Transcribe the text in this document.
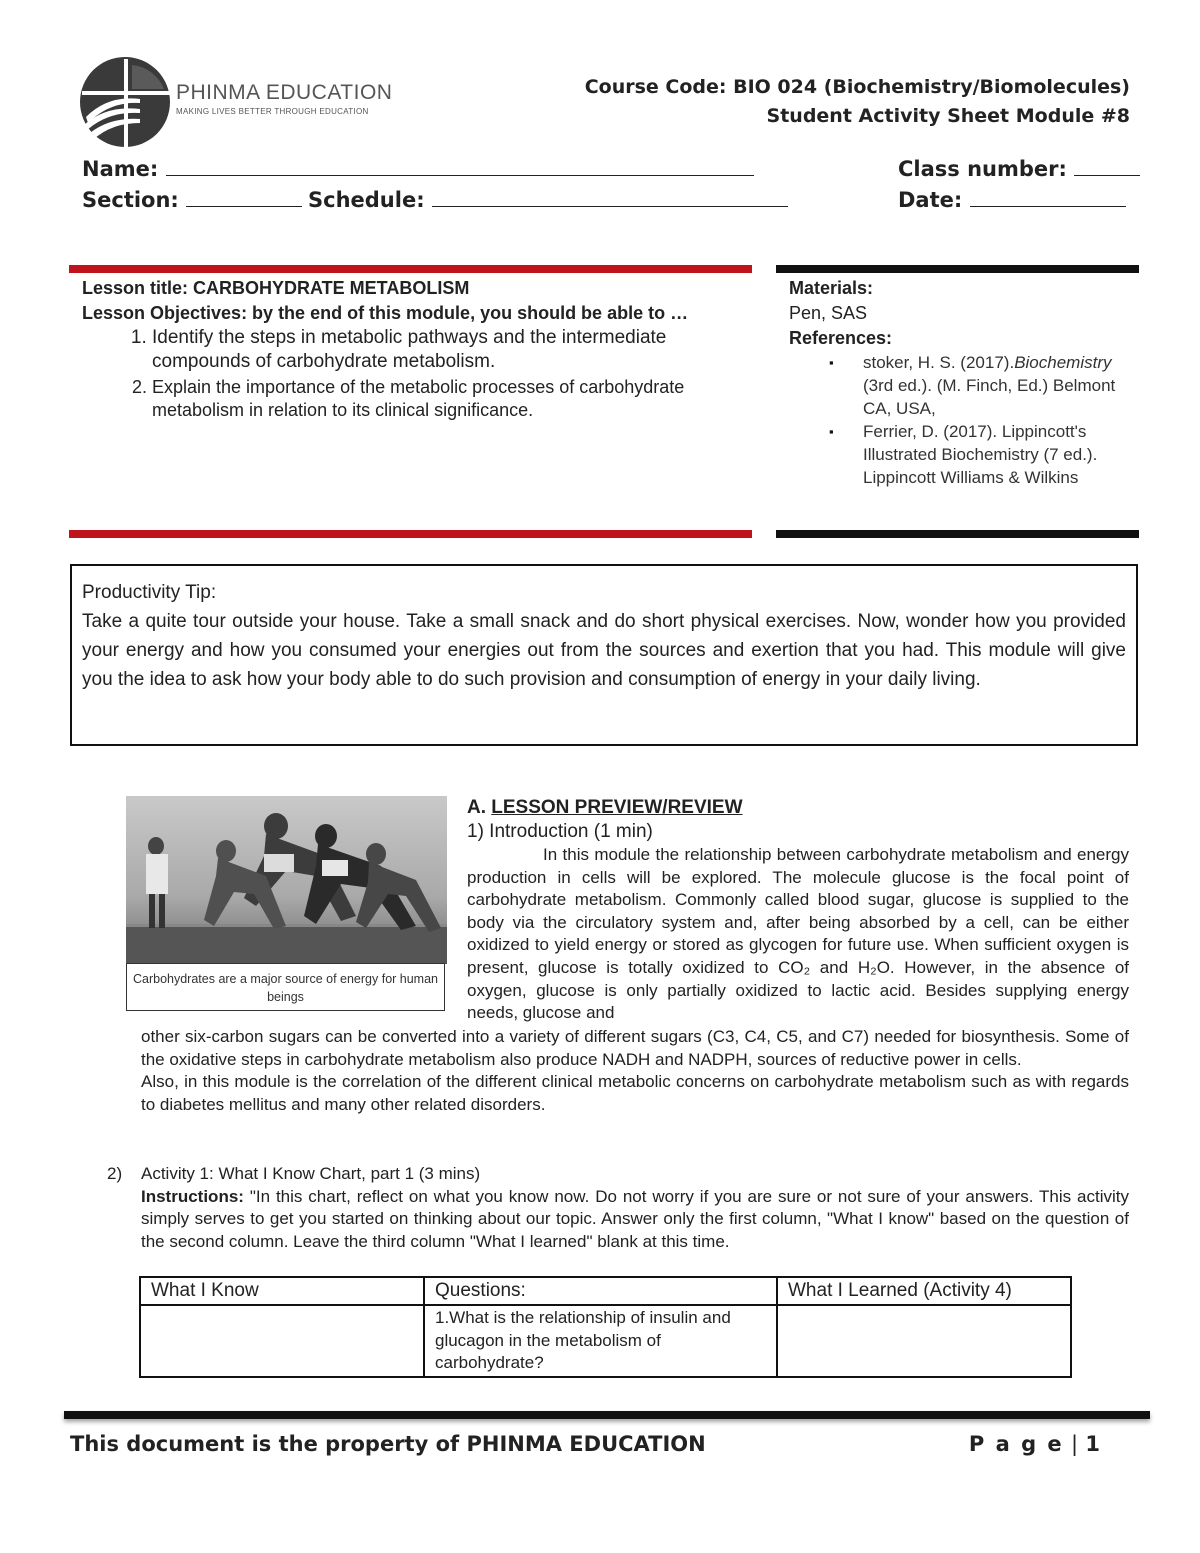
PHINMA EDUCATION
MAKING LIVES BETTER THROUGH EDUCATION
Course Code: BIO 024 (Biochemistry/Biomolecules)
Student Activity Sheet Module #8
Name:	Class number:
Section:	Schedule:	Date:
Lesson title: CARBOHYDRATE METABOLISM
Lesson Objectives: by the end of this module, you should be able to …
1. Identify the steps in metabolic pathways and the intermediate compounds of carbohydrate metabolism.
2. Explain the importance of the metabolic processes of carbohydrate metabolism in relation to its clinical significance.
Materials:
Pen, SAS
References:
▪ stoker, H. S. (2017).Biochemistry (3rd ed.). (M. Finch, Ed.) Belmont CA, USA,
▪ Ferrier, D. (2017). Lippincott's Illustrated Biochemistry (7 ed.). Lippincott Williams & Wilkins
Productivity Tip:
Take a quite tour outside your house. Take a small snack and do short physical exercises. Now, wonder how you provided your energy and how you consumed your energies out from the sources and exertion that you had. This module will give you the idea to ask how your body able to do such provision and consumption of energy in your daily living.
Carbohydrates are a major source of energy for human beings
A. LESSON PREVIEW/REVIEW
1) Introduction (1 min)
In this module the relationship between carbohydrate metabolism and energy production in cells will be explored. The molecule glucose is the focal point of carbohydrate metabolism. Commonly called blood sugar, glucose is supplied to the body via the circulatory system and, after being absorbed by a cell, can be either oxidized to yield energy or stored as glycogen for future use. When sufficient oxygen is present, glucose is totally oxidized to CO₂ and H₂O. However, in the absence of oxygen, glucose is only partially oxidized to lactic acid. Besides supplying energy needs, glucose and
other six-carbon sugars can be converted into a variety of different sugars (C3, C4, C5, and C7) needed for biosynthesis. Some of the oxidative steps in carbohydrate metabolism also produce NADH and NADPH, sources of reductive power in cells.
Also, in this module is the correlation of the different clinical metabolic concerns on carbohydrate metabolism such as with regards to diabetes mellitus and many other related disorders.
2) Activity 1: What I Know Chart, part 1 (3 mins)
Instructions: "In this chart, reflect on what you know now. Do not worry if you are sure or not sure of your answers. This activity simply serves to get you started on thinking about our topic. Answer only the first column, "What I know" based on the question of the second column. Leave the third column "What I learned" blank at this time.
What I Know	Questions:	What I Learned (Activity 4)
	1.What is the relationship of insulin and glucagon in the metabolism of carbohydrate?	
This document is the property of PHINMA EDUCATION	P a g e | 1
